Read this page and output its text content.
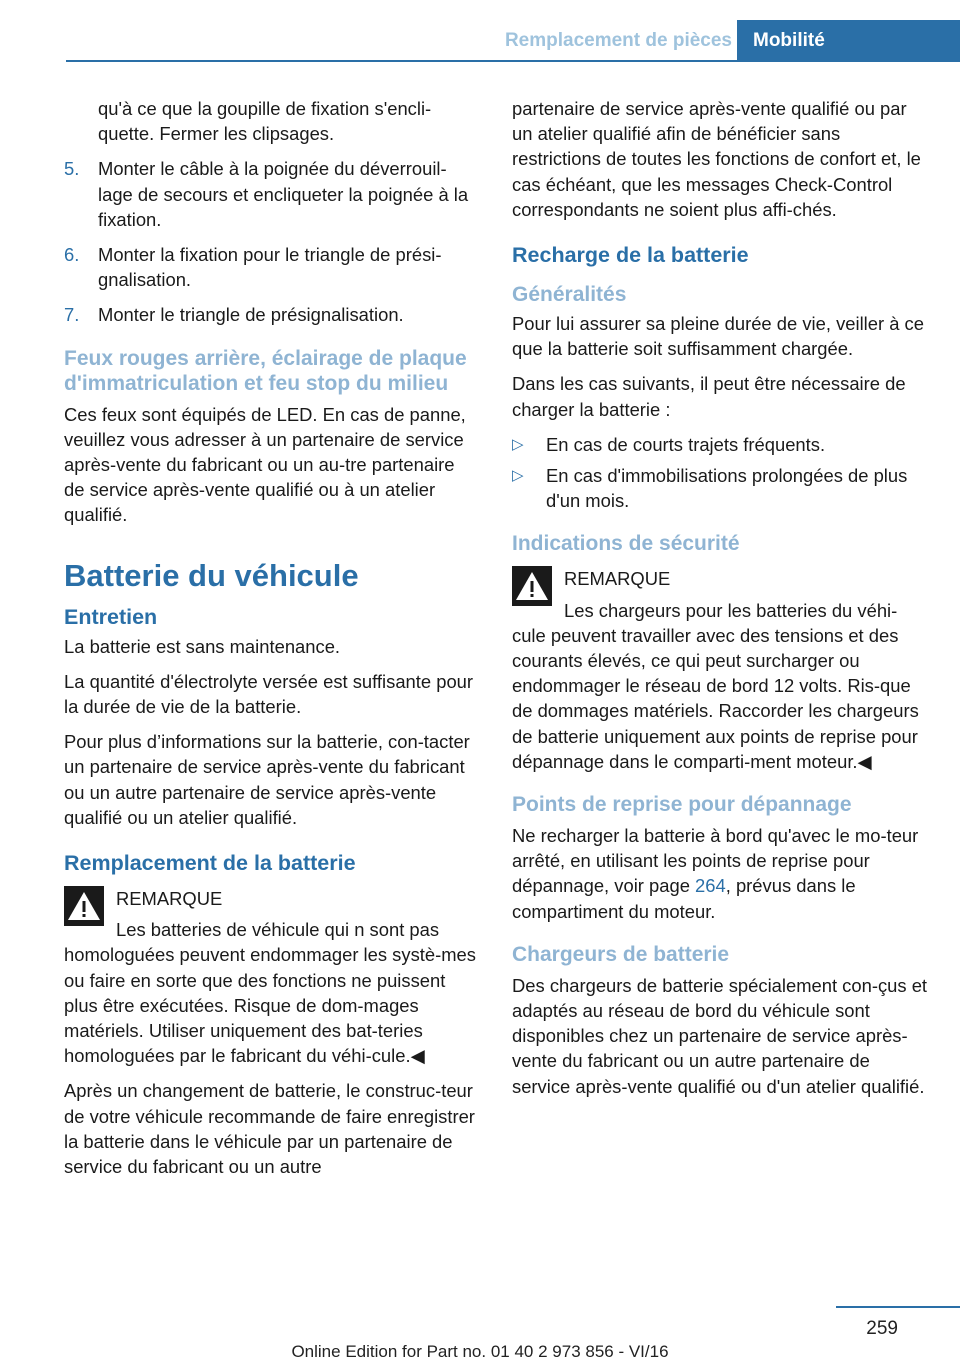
Remplacement de pièces	Mobilité
qu'à ce que la goupille de fixation s'encli‐quette. Fermer les clipsages.
5.	Monter le câble à la poignée du déverrouil‐lage de secours et encliqueter la poignée à la fixation.
6.	Monter la fixation pour le triangle de prési‐gnalisation.
7.	Monter le triangle de présignalisation.
Feux rouges arrière, éclairage de plaque d'immatriculation et feu stop du milieu

Ces feux sont équipés de LED. En cas de panne, veuillez vous adresser à un partenaire de service après-vente du fabricant ou un au‐tre partenaire de service après-vente qualifié ou à un atelier qualifié.

Batterie du véhicule
Entretien

La batterie est sans maintenance.

La quantité d'électrolyte versée est suffisante pour la durée de vie de la batterie.

Pour plus d’informations sur la batterie, con‐tacter un partenaire de service après-vente du fabricant ou un autre partenaire de service après-vente qualifié ou un atelier qualifié.

Remplacement de la batterie
REMARQUE
Les batteries de véhicule qui n sont pas homologuées peuvent endommager les systè‐mes ou faire en sorte que des fonctions ne puissent plus être exécutées. Risque de dom‐mages matériels. Utiliser uniquement des bat‐teries homologuées par le fabricant du véhi‐cule.◀

Après un changement de batterie, le construc‐teur de votre véhicule recommande de faire enregistrer la batterie dans le véhicule par un partenaire de service du fabricant ou un autre

partenaire de service après-vente qualifié ou par un atelier qualifié afin de bénéficier sans restrictions de toutes les fonctions de confort et, le cas échéant, que les messages Check-Control correspondants ne soient plus affi‐chés.

Recharge de la batterie
Généralités

Pour lui assurer sa pleine durée de vie, veiller à ce que la batterie soit suffisamment chargée.

Dans les cas suivants, il peut être nécessaire de charger la batterie :

▷	En cas de courts trajets fréquents.
▷	En cas d'immobilisations prolongées de plus d'un mois.
Indications de sécurité
REMARQUE
Les chargeurs pour les batteries du véhi‐cule peuvent travailler avec des tensions et des courants élevés, ce qui peut surcharger ou endommager le réseau de bord 12 volts. Ris‐que de dommages matériels. Raccorder les chargeurs de batterie uniquement aux points de reprise pour dépannage dans le comparti‐ment moteur.◀
Points de reprise pour dépannage

Ne recharger la batterie à bord qu'avec le mo‐teur arrêté, en utilisant les points de reprise pour dépannage, voir page 264, prévus dans le compartiment du moteur.

Chargeurs de batterie

Des chargeurs de batterie spécialement con‐çus et adaptés au réseau de bord du véhicule sont disponibles chez un partenaire de service après-vente du fabricant ou un autre partenaire de service après-vente qualifié ou d'un atelier qualifié.

259
Online Edition for Part no. 01 40 2 973 856 - VI/16
